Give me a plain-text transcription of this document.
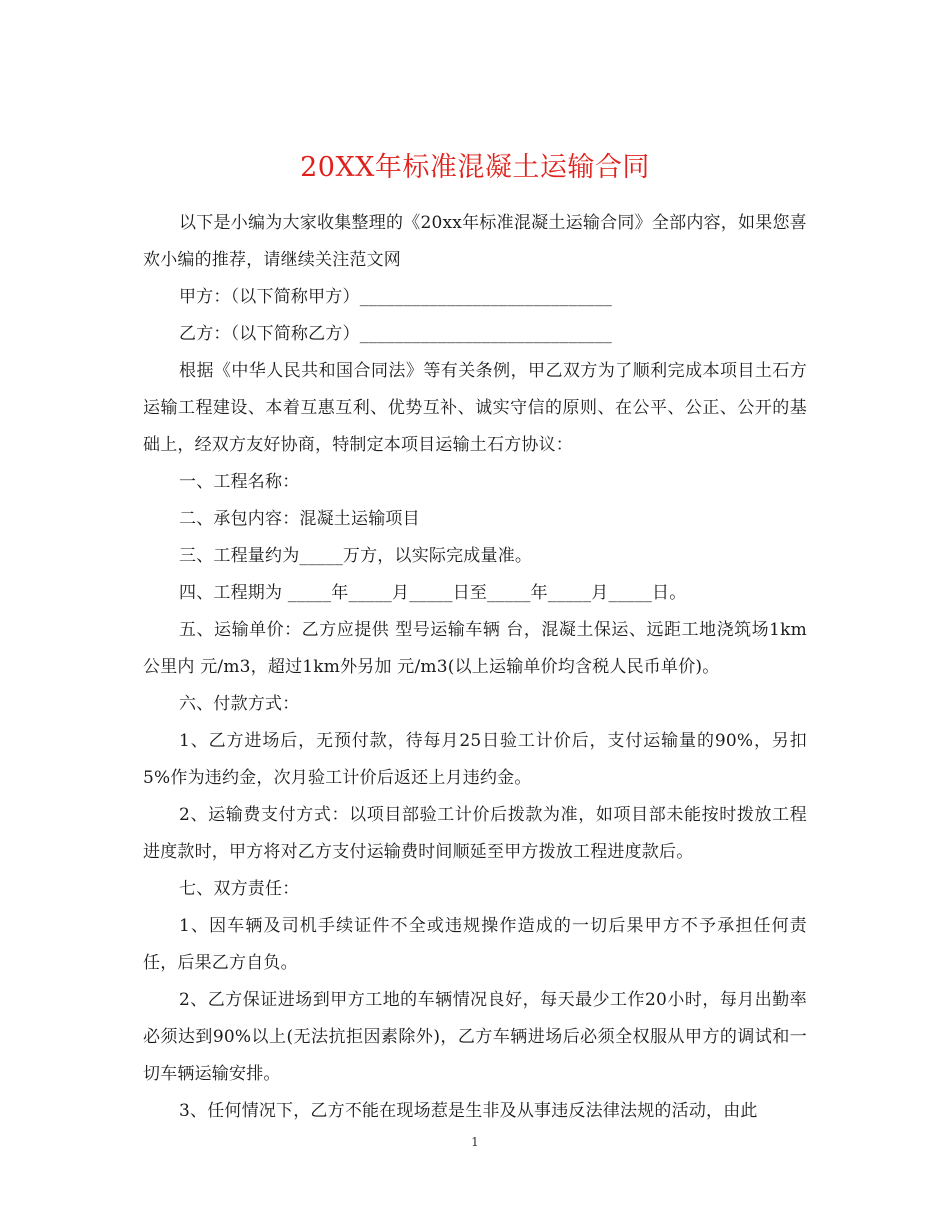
20XX年标准混凝土运输合同

以下是小编为大家收集整理的《20xx年标准混凝土运输合同》全部内容，如果您喜欢小编的推荐，请继续关注范文网

甲方：（以下简称甲方）_____________________________

乙方：（以下简称乙方）_____________________________

根据《中华人民共和国合同法》等有关条例，甲乙双方为了顺利完成本项目土石方运输工程建设、本着互惠互利、优势互补、诚实守信的原则、在公平、公正、公开的基础上，经双方友好协商，特制定本项目运输土石方协议：

一、工程名称：

二、承包内容：混凝土运输项目

三、工程量约为_____万方，以实际完成量准。

四、工程期为 _____年_____月_____日至_____年_____月_____日。

五、运输单价：乙方应提供 型号运输车辆 台，混凝土保运、远距工地浇筑场1km公里内 元/m3，超过1km外另加 元/m3(以上运输单价均含税人民币单价)。

六、付款方式：

1、乙方进场后，无预付款，待每月25日验工计价后，支付运输量的90%，另扣5%作为违约金，次月验工计价后返还上月违约金。

2、运输费支付方式：以项目部验工计价后拨款为准，如项目部未能按时拨放工程进度款时，甲方将对乙方支付运输费时间顺延至甲方拨放工程进度款后。

七、双方责任：

1、因车辆及司机手续证件不全或违规操作造成的一切后果甲方不予承担任何责任，后果乙方自负。

2、乙方保证进场到甲方工地的车辆情况良好，每天最少工作20小时，每月出勤率必须达到90%以上(无法抗拒因素除外)，乙方车辆进场后必须全权服从甲方的调试和一切车辆运输安排。

3、任何情况下，乙方不能在现场惹是生非及从事违反法律法规的活动，由此

1
